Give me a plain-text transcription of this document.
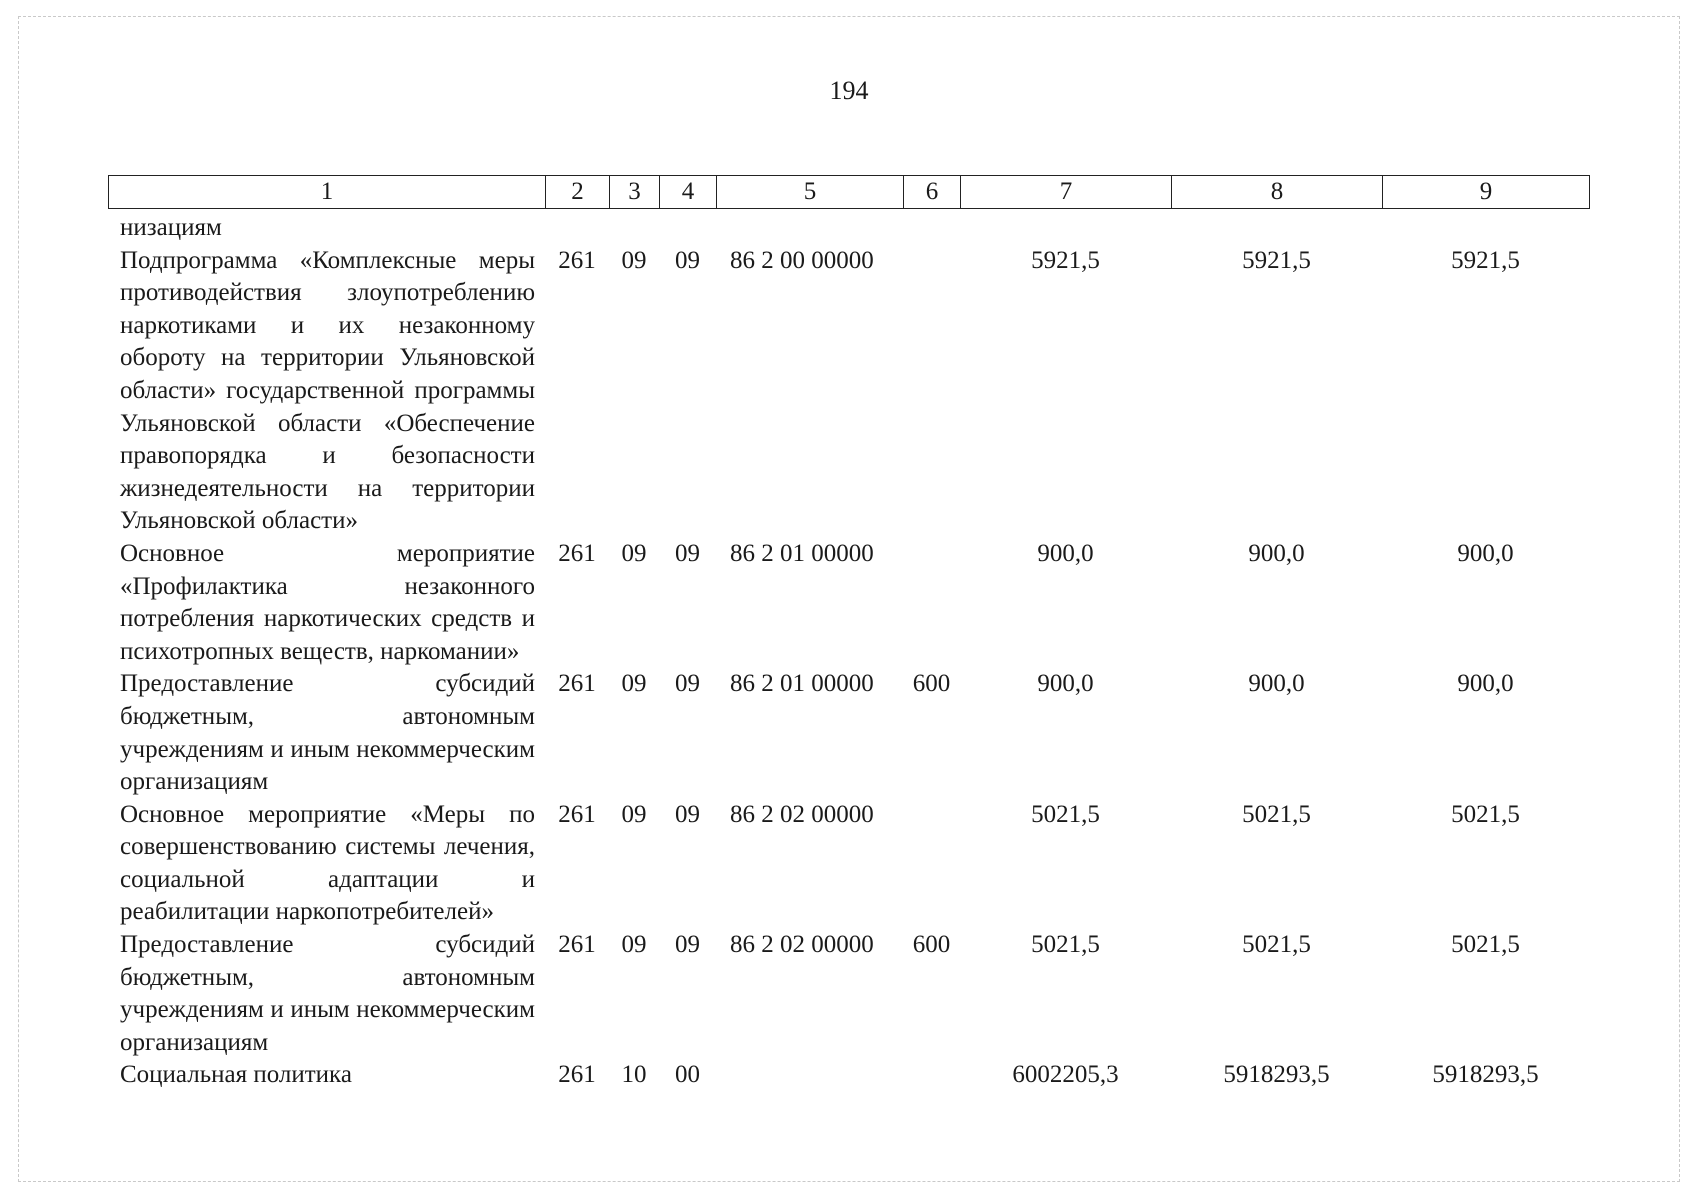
194
1	2	3	4	5	6	7	8	9
низациям								
Подпрограмма «Комплексные меры противодействия злоупотреблению наркотиками и их незаконному обороту на территории Ульяновской области» государственной программы Ульяновской области «Обеспечение правопорядка и безопасности жизнедеятельности на территории Ульяновской области»	261	09	09	86 2 00 00000		5921,5	5921,5	5921,5
Основное мероприятие «Профилактика незаконного потребления наркотических средств и психотропных веществ, наркомании»	261	09	09	86 2 01 00000		900,0	900,0	900,0
Предоставление субсидий бюджетным, автономным учреждениям и иным некоммерческим организациям	261	09	09	86 2 01 00000	600	900,0	900,0	900,0
Основное мероприятие «Меры по совершенствованию системы лечения, социальной адаптации и реабилитации наркопотребителей»	261	09	09	86 2 02 00000		5021,5	5021,5	5021,5
Предоставление субсидий бюджетным, автономным учреждениям и иным некоммерческим организациям	261	09	09	86 2 02 00000	600	5021,5	5021,5	5021,5
Социальная политика	261	10	00			6002205,3	5918293,5	5918293,5
